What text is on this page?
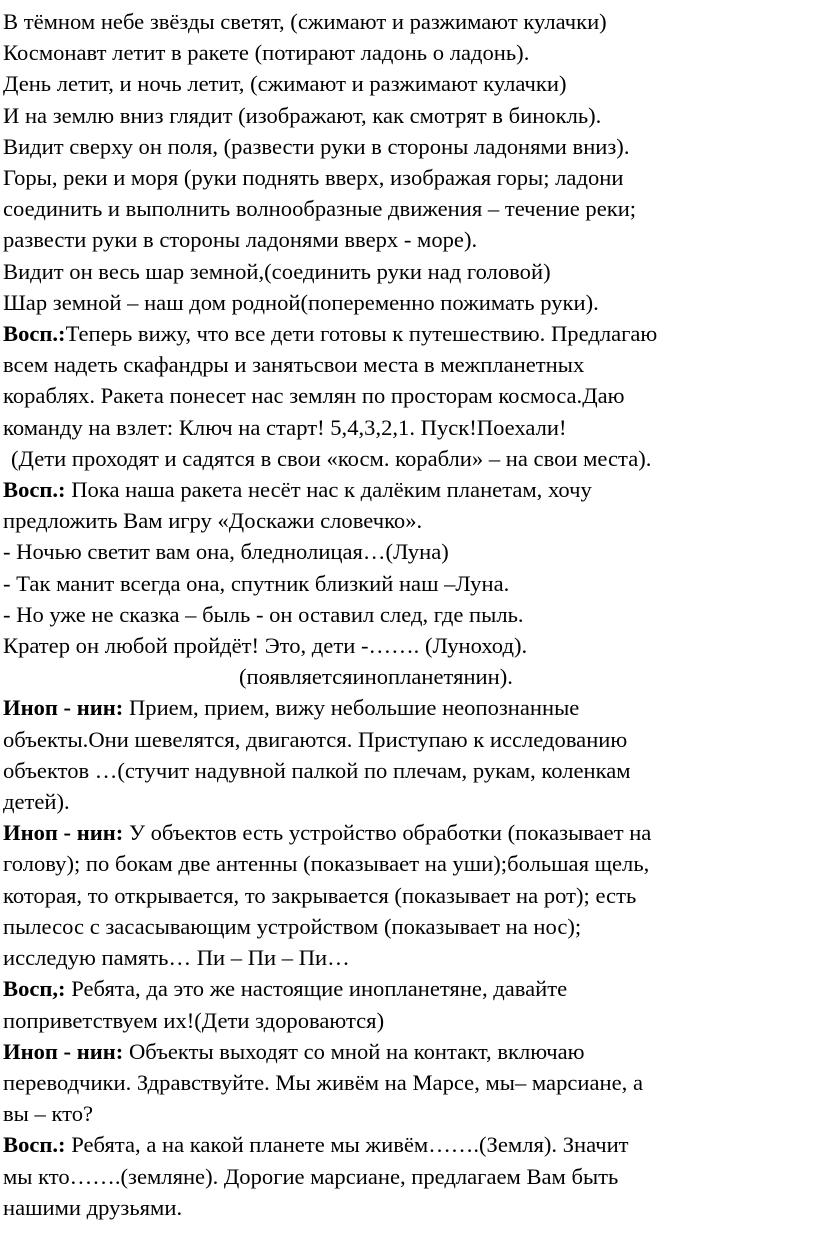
В тёмном небе звёзды светят, (сжимают и разжимают кулачки)
Космонавт летит в ракете (потирают ладонь о ладонь).
День летит, и ночь летит, (сжимают и разжимают кулачки)
И на землю вниз глядит (изображают, как смотрят в бинокль).
Видит сверху он поля, (развести руки в стороны ладонями вниз).
Горы, реки и моря (руки поднять вверх, изображая горы; ладони
соединить и выполнить волнообразные движения – течение реки;
развести руки в стороны ладонями вверх - море).
Видит он весь шар земной,(соединить руки над головой)
Шар земной – наш дом родной(попеременно пожимать руки).
Восп.:Теперь вижу, что все дети готовы к путешествию. Предлагаю
всем надеть скафандры и занятьсвои места в межпланетных
кораблях. Ракета понесет нас землян по просторам космоса.Даю
команду на взлет: Ключ на старт! 5,4,3,2,1. Пуск!Поехали!
(Дети проходят и садятся в свои «косм. корабли» – на свои места).
Восп.: Пока наша ракета несёт нас к далёким планетам, хочу
предложить Вам игру «Доскажи словечко».
- Ночью светит вам она, бледнолицая…(Луна)
- Так манит всегда она, спутник близкий наш –Луна.
- Но уже не сказка – быль - он оставил след, где пыль.
Кратер он любой пройдёт! Это, дети -……. (Луноход).
(появляетсяинопланетянин).
Иноп - нин: Прием, прием, вижу небольшие неопознанные
объекты.Они шевелятся, двигаются. Приступаю к исследованию
объектов …(стучит надувной палкой по плечам, рукам, коленкам
детей).
Иноп - нин: У объектов есть устройство обработки (показывает на
голову); по бокам две антенны (показывает на уши);большая щель,
которая, то открывается, то закрывается (показывает на рот); есть
пылесос с засасывающим устройством (показывает на нос);
исследую память… Пи – Пи – Пи…
Восп,: Ребята, да это же настоящие инопланетяне, давайте
поприветствуем их!(Дети здороваются)
Иноп - нин: Объекты выходят со мной на контакт, включаю
переводчики. Здравствуйте. Мы живём на Марсе, мы– марсиане, а
вы – кто?
Восп.: Ребята, а на какой планете мы живём…….(Земля). Значит
мы кто…….(земляне). Дорогие марсиане, предлагаем Вам быть
нашими друзьями.
